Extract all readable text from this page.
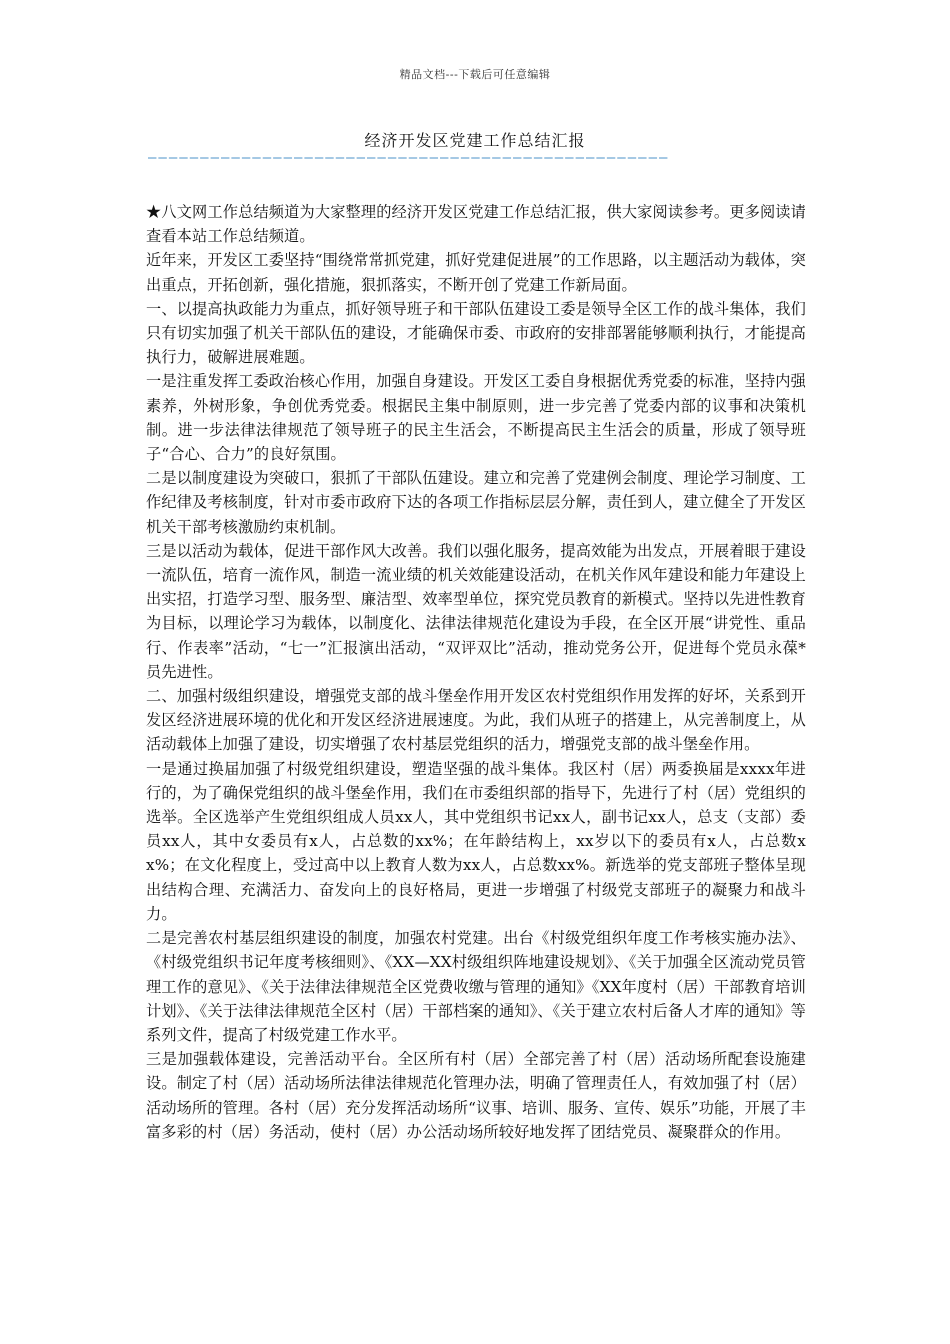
精品文档---下载后可任意编辑
经济开发区党建工作总结汇报
——————————————————————————————————————————————————

★八文网工作总结频道为大家整理的经济开发区党建工作总结汇报，供大家阅读参考。更多阅读请查看本站工作总结频道。

近年来，开发区工委坚持“围绕常常抓党建，抓好党建促进展”的工作思路，以主题活动为载体，突出重点，开拓创新，强化措施，狠抓落实，不断开创了党建工作新局面。

一、以提高执政能力为重点，抓好领导班子和干部队伍建设工委是领导全区工作的战斗集体，我们只有切实加强了机关干部队伍的建设，才能确保市委、市政府的安排部署能够顺利执行，才能提高执行力，破解进展难题。

一是注重发挥工委政治核心作用，加强自身建设。开发区工委自身根据优秀党委的标准，坚持内强素养，外树形象，争创优秀党委。根据民主集中制原则，进一步完善了党委内部的议事和决策机制。进一步法律法律规范了领导班子的民主生活会，不断提高民主生活会的质量，形成了领导班子“合心、合力”的良好氛围。

二是以制度建设为突破口，狠抓了干部队伍建设。建立和完善了党建例会制度、理论学习制度、工作纪律及考核制度，针对市委市政府下达的各项工作指标层层分解，责任到人，建立健全了开发区机关干部考核激励约束机制。

三是以活动为载体，促进干部作风大改善。我们以强化服务，提高效能为出发点，开展着眼于建设一流队伍，培育一流作风，制造一流业绩的机关效能建设活动，在机关作风年建设和能力年建设上出实招，打造学习型、服务型、廉洁型、效率型单位，探究党员教育的新模式。坚持以先进性教育为目标，以理论学习为载体，以制度化、法律法律规范化建设为手段，在全区开展“讲党性、重品行、作表率”活动，“七一”汇报演出活动，“双评双比”活动，推动党务公开，促进每个党员永葆*员先进性。

二、加强村级组织建设，增强党支部的战斗堡垒作用开发区农村党组织作用发挥的好坏，关系到开发区经济进展环境的优化和开发区经济进展速度。为此，我们从班子的搭建上，从完善制度上，从活动载体上加强了建设，切实增强了农村基层党组织的活力，增强党支部的战斗堡垒作用。

一是通过换届加强了村级党组织建设，塑造坚强的战斗集体。我区村（居）两委换届是xxxx年进行的，为了确保党组织的战斗堡垒作用，我们在市委组织部的指导下，先进行了村（居）党组织的选举。全区选举产生党组织组成人员xx人，其中党组织书记xx人，副书记xx人，总支（支部）委员xx人，其中女委员有x人，占总数的xx%；在年龄结构上，xx岁以下的委员有x人，占总数xx%；在文化程度上，受过高中以上教育人数为xx人，占总数xx%。新选举的党支部班子整体呈现出结构合理、充满活力、奋发向上的良好格局，更进一步增强了村级党支部班子的凝聚力和战斗力。

二是完善农村基层组织建设的制度，加强农村党建。出台《村级党组织年度工作考核实施办法》、《村级党组织书记年度考核细则》、《XX—XX村级组织阵地建设规划》、《关于加强全区流动党员管理工作的意见》、《关于法律法律规范全区党费收缴与管理的通知》《XX年度村（居）干部教育培训计划》、《关于法律法律规范全区村（居）干部档案的通知》、《关于建立农村后备人才库的通知》等系列文件，提高了村级党建工作水平。

三是加强载体建设，完善活动平台。全区所有村（居）全部完善了村（居）活动场所配套设施建设。制定了村（居）活动场所法律法律规范化管理办法，明确了管理责任人，有效加强了村（居）活动场所的管理。各村（居）充分发挥活动场所“议事、培训、服务、宣传、娱乐”功能，开展了丰富多彩的村（居）务活动，使村（居）办公活动场所较好地发挥了团结党员、凝聚群众的作用。
